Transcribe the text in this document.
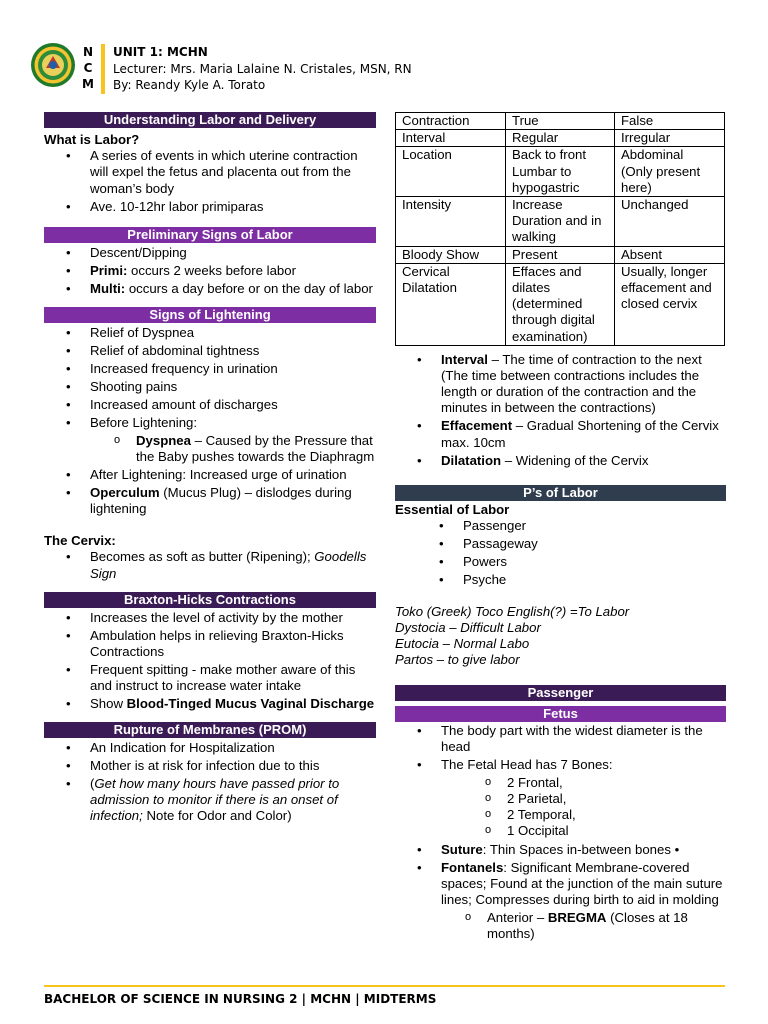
N
C
M
UNIT 1: MCHN
Lecturer: Mrs. Maria Lalaine N. Cristales, MSN, RN
By: Reandy Kyle A. Torato
Understanding Labor and Delivery
What is Labor?
• A series of events in which uterine contraction will expel the fetus and placenta out from the woman’s body
• Ave. 10-12hr labor primiparas
Preliminary Signs of Labor
• Descent/Dipping
• Primi: occurs 2 weeks before labor
• Multi: occurs a day before or on the day of labor
Signs of Lightening
• Relief of Dyspnea
• Relief of abdominal tightness
• Increased frequency in urination
• Shooting pains
• Increased amount of discharges
• Before Lightening:
o Dyspnea – Caused by the Pressure that the Baby pushes towards the Diaphragm
• After Lightening: Increased urge of urination
• Operculum (Mucus Plug) – dislodges during lightening
The Cervix:
• Becomes as soft as butter (Ripening); Goodells Sign
Braxton-Hicks Contractions
• Increases the level of activity by the mother
• Ambulation helps in relieving Braxton-Hicks Contractions
• Frequent spitting - make mother aware of this and instruct to increase water intake
• Show Blood-Tinged Mucus Vaginal Discharge
Rupture of Membranes (PROM)
• An Indication for Hospitalization
• Mother is at risk for infection due to this
• (Get how many hours have passed prior to admission to monitor if there is an onset of infection; Note for Odor and Color)
Contraction	True	False
Interval	Regular	Irregular
Location	Back to front Lumbar to hypogastric	Abdominal (Only present here)
Intensity	Increase Duration and in walking	Unchanged
Bloody Show	Present	Absent
Cervical Dilatation	Effaces and dilates (determined through digital examination)	Usually, longer effacement and closed cervix
• Interval – The time of contraction to the next (The time between contractions includes the length or duration of the contraction and the minutes in between the contractions)
• Effacement – Gradual Shortening of the Cervix max. 10cm
• Dilatation – Widening of the Cervix
P’s of Labor
Essential of Labor
• Passenger
• Passageway
• Powers
• Psyche
Toko (Greek) Toco English(?) =To Labor
Dystocia – Difficult Labor
Eutocia – Normal Labo
Partos – to give labor
Passenger
Fetus
• The body part with the widest diameter is the head
• The Fetal Head has 7 Bones:
o 2 Frontal,
o 2 Parietal,
o 2 Temporal,
o 1 Occipital
• Suture: Thin Spaces in-between bones •
• Fontanels: Significant Membrane-covered spaces; Found at the junction of the main suture lines; Compresses during birth to aid in molding
o Anterior – BREGMA (Closes at 18 months)
BACHELOR OF SCIENCE IN NURSING 2 | MCHN | MIDTERMS
